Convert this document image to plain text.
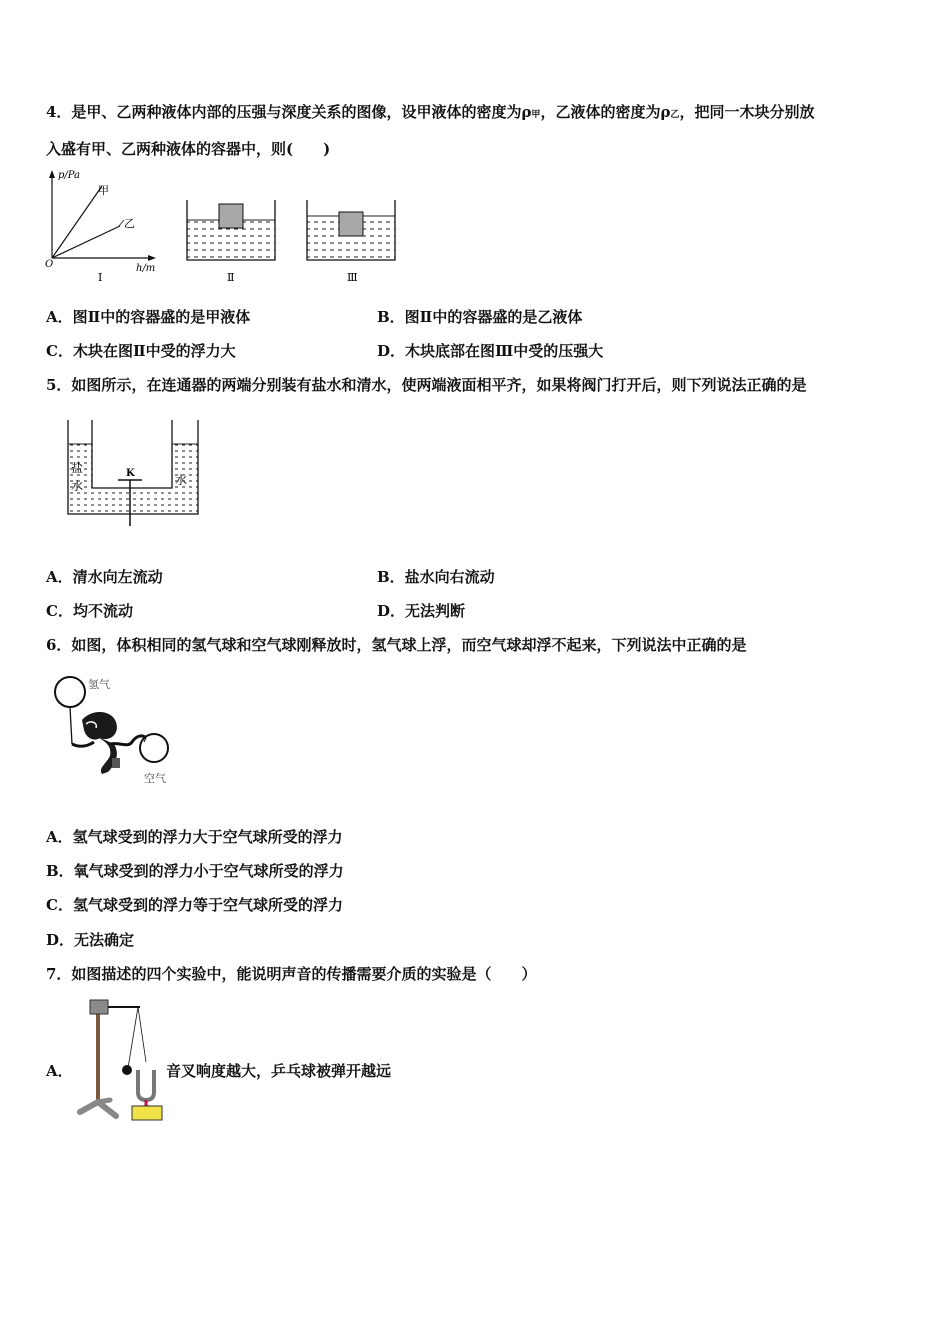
4．是甲、乙两种液体内部的压强与深度关系的图像，设甲液体的密度为ρ甲，乙液体的密度为ρ乙，把同一木块分别放
入盛有甲、乙两种液体的容器中，则(　　)
p/Pa
甲
乙
O	h/m
Ⅰ	Ⅱ	Ⅲ
A．图Ⅱ中的容器盛的是甲液体	B．图Ⅱ中的容器盛的是乙液体
C．木块在图Ⅱ中受的浮力大	D．木块底部在图Ⅲ中受的压强大
5．如图所示，在连通器的两端分别装有盐水和清水，使两端液面相平齐，如果将阀门打开后，则下列说法正确的是
K
盐
水	水
A．清水向左流动	B．盐水向右流动
C．均不流动	D．无法判断
6．如图，体积相同的氢气球和空气球刚释放时，氢气球上浮，而空气球却浮不起来，下列说法中正确的是
氢气
空气
A．氢气球受到的浮力大于空气球所受的浮力
B．氧气球受到的浮力小于空气球所受的浮力
C．氢气球受到的浮力等于空气球所受的浮力
D．无法确定
7．如图描述的四个实验中，能说明声音的传播需要介质的实验是（　　）
A．	音叉响度越大，乒乓球被弹开越远
